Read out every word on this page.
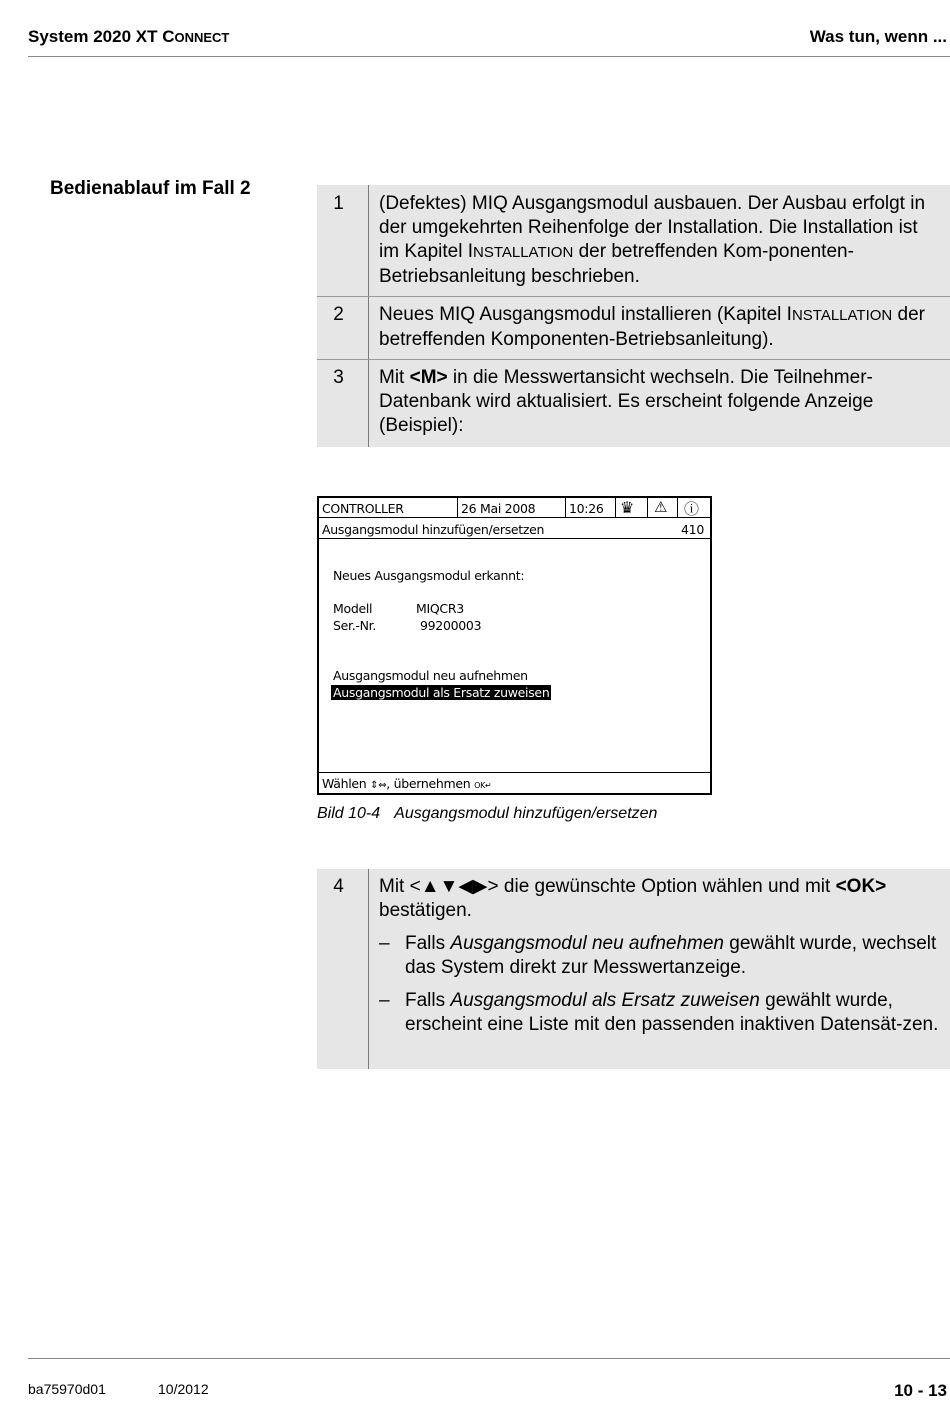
System 2020 XT CONNECT	Was tun, wenn ...
Bedienablauf im Fall 2
1	(Defektes) MIQ Ausgangsmodul ausbauen. Der Ausbau erfolgt in der umgekehrten Reihenfolge der Installation. Die Installation ist im Kapitel INSTALLATION der betreffenden Kom-ponenten-Betriebsanleitung beschrieben.
2	Neues MIQ Ausgangsmodul installieren (Kapitel INSTALLATION der betreffenden Komponenten-Betriebsanleitung).
3	Mit <M> in die Messwertansicht wechseln. Die Teilnehmer-Datenbank wird aktualisiert. Es erscheint folgende Anzeige (Beispiel):
CONTROLLER	26 Mai 2008	10:26 ♛ ⚠ ⓘ
Ausgangsmodul hinzufügen/ersetzen	410
Neues Ausgangsmodul erkannt:
Modell	MIQCR3
Ser.-Nr.	99200003
Ausgangsmodul neu aufnehmen
Ausgangsmodul als Ersatz zuweisen
Wählen ⇕⇔, übernehmen OK↵
Bild 10-4 Ausgangsmodul hinzufügen/ersetzen
4	Mit <▲▼◀▶> die gewünschte Option wählen und mit <OK> bestätigen.
– Falls Ausgangsmodul neu aufnehmen gewählt wurde, wechselt das System direkt zur Messwertanzeige.
– Falls Ausgangsmodul als Ersatz zuweisen gewählt wurde, erscheint eine Liste mit den passenden inaktiven Datensät-zen.
ba75970d01	10/2012	10 - 13
